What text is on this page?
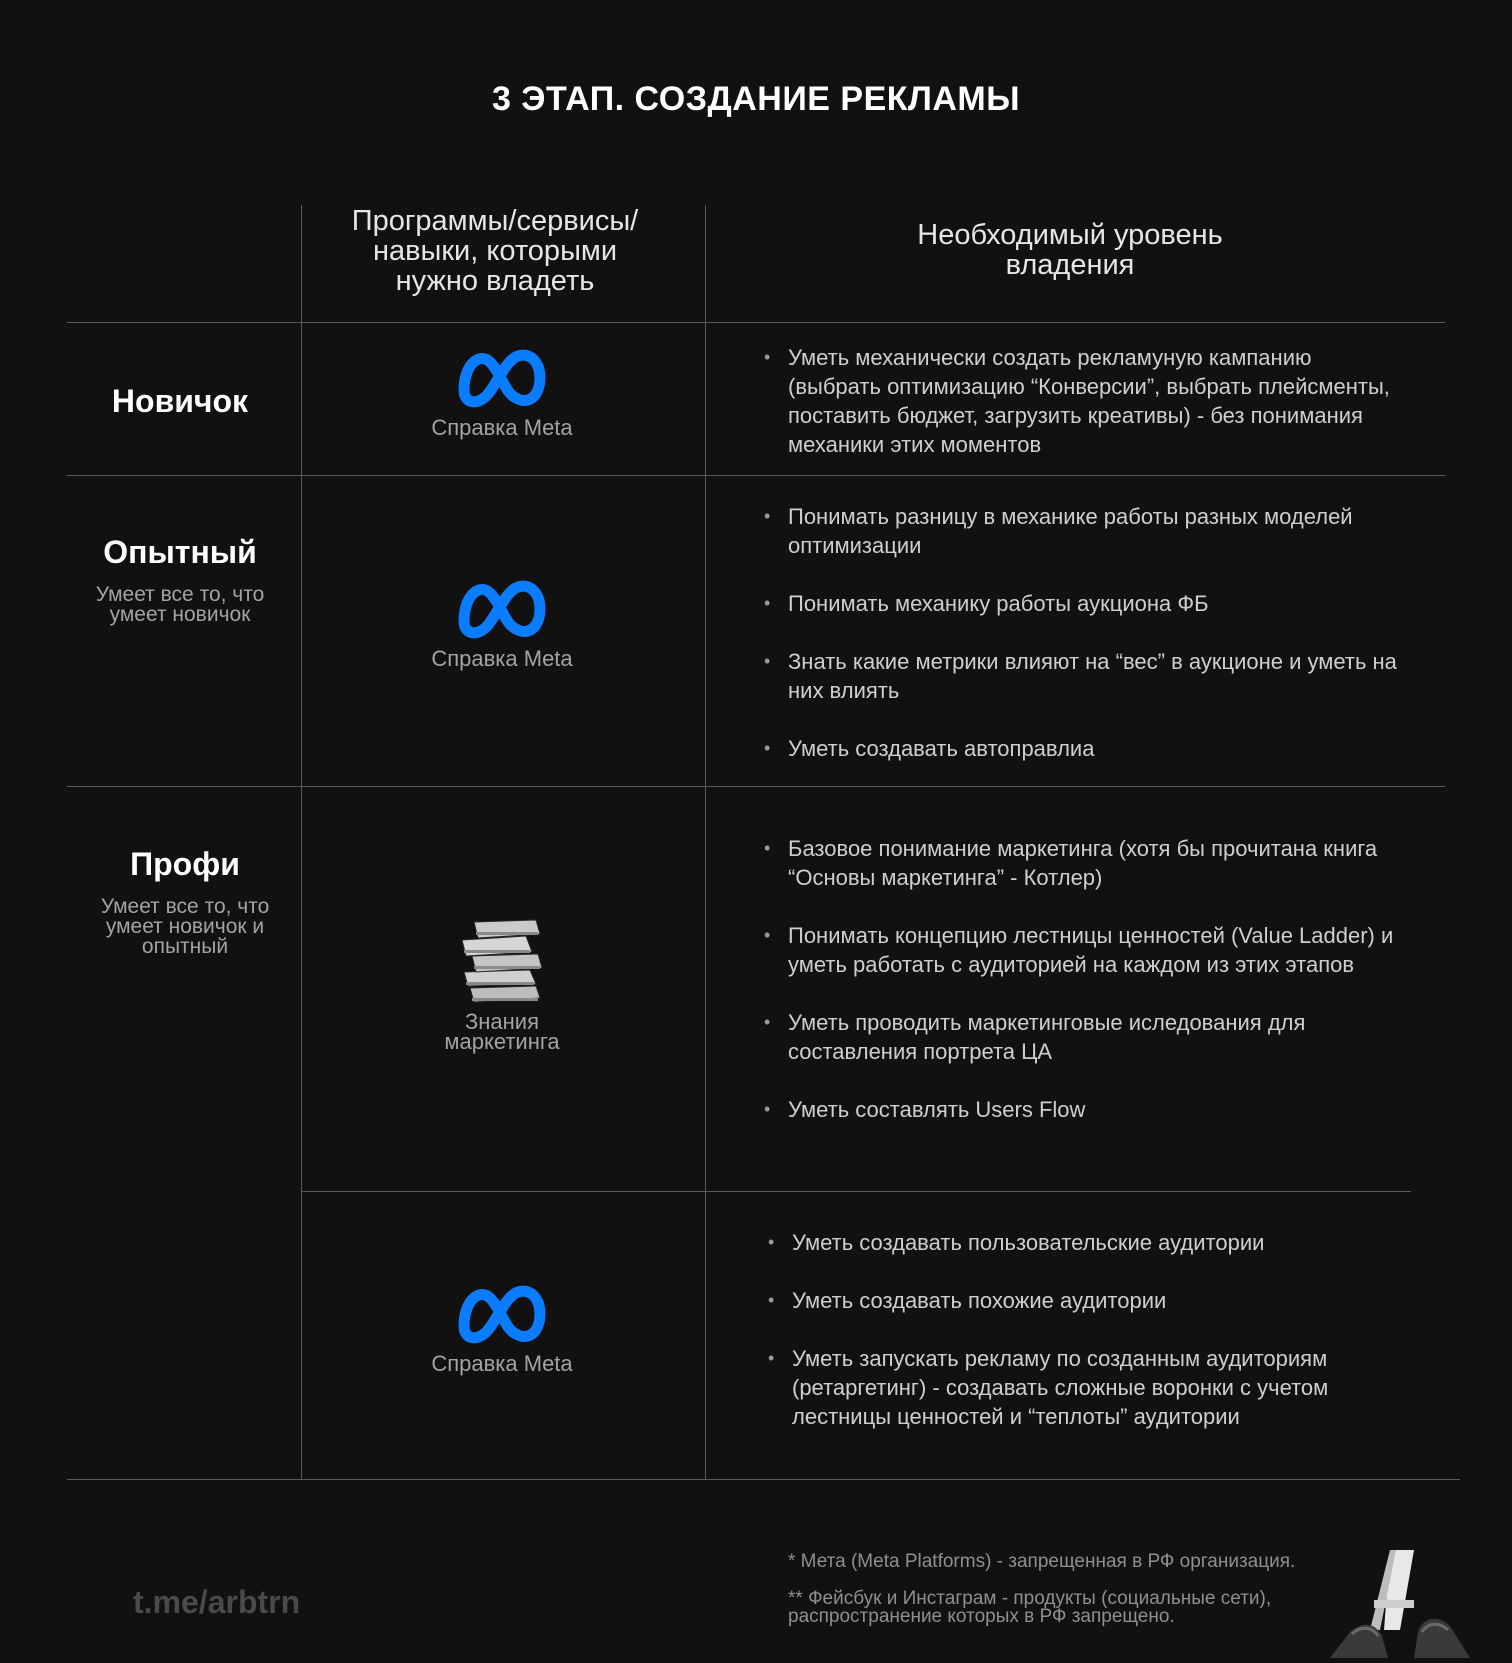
3 ЭТАП. СОЗДАНИЕ РЕКЛАМЫ
Программы/сервисы/ навыки, которыми нужно владеть
Необходимый уровень владения
Новичок
Справка Meta
• Уметь механически создать рекламуную кампанию (выбрать оптимизацию “Конверсии”, выбрать плейсменты, поставить бюджет, загрузить креативы) - без понимания механики этих моментов
Опытный
Умеет все то, что умеет новичок
Справка Meta
• Понимать разницу в механике работы разных моделей оптимизации
• Понимать механику работы аукциона ФБ
• Знать какие метрики влияют на “вес” в аукционе и уметь на них влиять
• Уметь создавать автоправлиа
Профи
Умеет все то, что умеет новичок и опытный
Знания маркетинга
• Базовое понимание маркетинга (хотя бы прочитана книга “Основы маркетинга” - Котлер)
• Понимать концепцию лестницы ценностей (Value Ladder) и уметь работать с аудиторией на каждом из этих этапов
• Уметь проводить маркетинговые иследования для составления портрета ЦА
• Уметь составлять Users Flow
Справка Meta
• Уметь создавать пользовательские аудитории
• Уметь создавать похожие аудитории
• Уметь запускать рекламу по созданным аудиториям (ретаргетинг) - создавать сложные воронки с учетом лестницы ценностей и “теплоты” аудитории
t.me/arbtrn
* Мета (Meta Platforms) - запрещенная в РФ организация.
** Фейсбук и Инстаграм - продукты (социальные сети), распространение которых в РФ запрещено.
